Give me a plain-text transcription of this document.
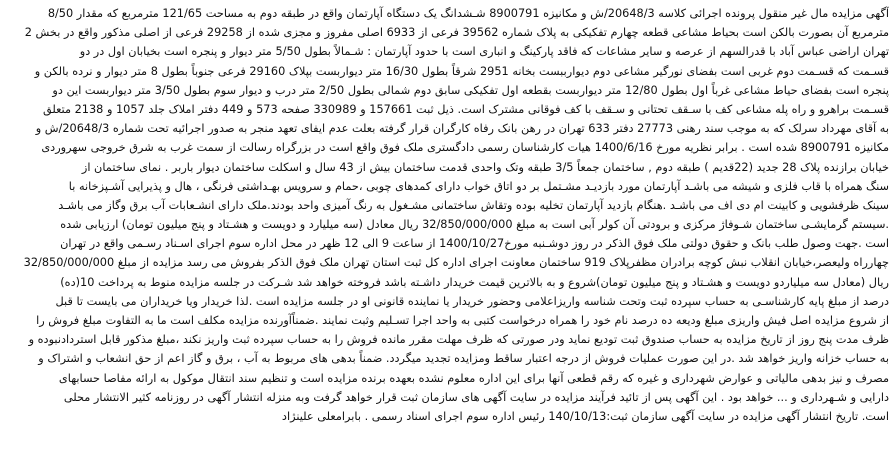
آگهی مزایده مال غیر منقول پرونده اجرائی کلاسه 20648/3/ش و مکانیزه 8900791 شـشدانگ یک دستگاه آپارتمان واقع در طبقه دوم به مساحت 121/65 مترمربع که مقدار 8/50
مترمربع آن بصورت بالکن است بحیاط مشاعی قطعه چهارم تفکیکی به پلاک شماره 39562 فرعی از 6933 اصلی مفروز و مجزی شده از 29258 فرعی از اصلی مذکور واقع در بخش 2
تهران اراضی عباس آباد با قدرالسهم از عرصه و سایر مشاعات که فاقد پارکینگ و انباری است با حدود آپارتمان : شـمالاً بطول 5/50 متر دیوار و پنجره است بخیابان اول در دو
قسـمت که قسـمت دوم غربی است بفضای نورگیر مشاعی دوم دیوارببست بخانه 2951 شرقاً بطول 16/30 متر دیواربست بپلاک 29160 فرعی جنوباً بطول 8 متر دیوار و نرده بالکن و
پنجره است بفضای حیاط مشاعی غرباً اول بطول 12/80 متر دیواربست بقطعه اول تفکیکی سابق دوم شمالی بطول 2/50 متر درب و دیوار سوم بطول 3/50 متر دیواربست این دو
قسـمت براهرو و راه پله مشاعی کف با سـقف تحتانی و سـقف با کف فوقانی مشترک است. ذیل ثبت 157661 و 330989 صفحه 573 و 449 دفتر املاک جلد 1057 و 2138 متعلق
به آقای مهرداد سرلک که به موجب سند رهنی 27773 دفتر 633 تهران در رهن بانک رفاه کارگران قرار گرفته بعلت عدم ایفای تعهد منجر به صدور اجرائیه تحت شماره 20648/3/ش و
مکانیزه 8900791 شده است . برابر نظریه مورخ 1400/6/16 هیات کارشناسان رسمی دادگستری ملک فوق واقع است در بزرگراه رسالت از سمت غرب به شرق خروجی سهروردی
خیابان برازنده پلاک 28 جدید (22قدیم ) طبقه دوم , ساختمان جمعاً 3/5 طبقه وتک واحدی قدمت ساختمان بیش از 43 سال و اسکلت ساختمان دیوار باربر . نمای ساختمان از
سنگ همراه با قاب فلزی و شیشه می باشـد آپارتمان مورد بازدیـد مشـتمل بر دو اتاق خواب دارای کمدهای چوبی ،حمام و سرویس بهـداشتی فرنگی ، هال و پذیرایی آشـپزخانه با
سینک ظرفشویی و کابینت ام دی اف می باشـد .هنگام بازدید آپارتمان تخلیه بوده وتقاش ساختمانی مشـغول به رنگ آمیزی واحد بودند.ملک دارای انشـعابات آب برق وگاز می باشـد
.سیستم گرمایشـی ساختمان شـوفاژ مرکزی و برودتی آن کولر آبی است به مبلغ 32/850/000/000 ریال معادل (سه میلیارد و دویست و هشـتاد و پنج میلیون تومان) ارزیابی شده
است .جهت وصول طلب بانک و حقوق دولتی ملک فوق الذکر در روز دوشـنبه مورخ1400/10/27 از ساعت 9 الی 12 ظهر در محل اداره سوم اجرای اسـناد رسـمی واقع در تهران
چهارراه ولیعصر،خیابان انقلاب نبش کوچه برادران مظفرپلاک 919 ساختمان معاونت اجرای اداره کل ثبت استان تهران ملک فوق الذکر بفروش می رسد مزایده از مبلغ 32/850/000/000
ریال (معادل سه میلیاردو دویست و هشـتاد و پنج میلیون تومان)شروع و به بالاترین قیمت خریدار داشـته باشد فروخته خواهد شد شـرکت در جلسه مزایده منوط به پرداخت 10(ده)
درصد از مبلغ پایه کارشناسـی به حساب سپرده ثبت وتحت شناسه واریزاعلامی وحضور خریدار یا نماینده قانونی او در جلسه مزایده است .لذا خریدار ویا خریداران می بایست تا قبل
از شروع مزایده اصل فیش واریزی مبلغ ودیعه ده درصد نام خود را همراه درخواست کتبی به واحد اجرا تسـلیم وثبت نمایند .ضمناًآورنده مزایده مکلف است ما به التفاوت مبلغ فروش را
ظرف مدت پنج روز از تاریخ مزایده به حساب صندوق ثبت تودیع نماید ودر صورتی که ظرف مهلت مقرر مانده فروش را به حساب سپرده ثبت واریز نکند ،مبلغ مذکور قابل استردادنبوده و
به حساب خزانه واریز خواهد شد .در این صورت عملیات فروش از درجه اعتبار ساقط ومزایده تجدید میگردد. ضمناً بدهی های مربوط به آب ، برق و گاز اعم از حق انشعاب و اشتراک و
مصرف و نیز بدهی مالیاتی و عوارض شهرداری و غیره که رقم قطعی آنها برای این اداره معلوم نشده بعهده برنده مزایده است و تنظیم سند انتقال موکول به ارائه مفاصا حسابهای
دارایی و شـهرداری و ... خواهد بود . این آگهی پس از تائید فرآیند مزایده در سایت آگهی های سازمان ثبت قرار خواهد گرفت وبه منزله انتشار آگهی در روزنامه کثیر الانتشار محلی
است. تاریخ انتشار آگهی مزایده در سایت آگهی سازمان ثبت:140/10/13 رئیس اداره سوم اجرای اسناد رسمی . بابرامعلی علینژاد
